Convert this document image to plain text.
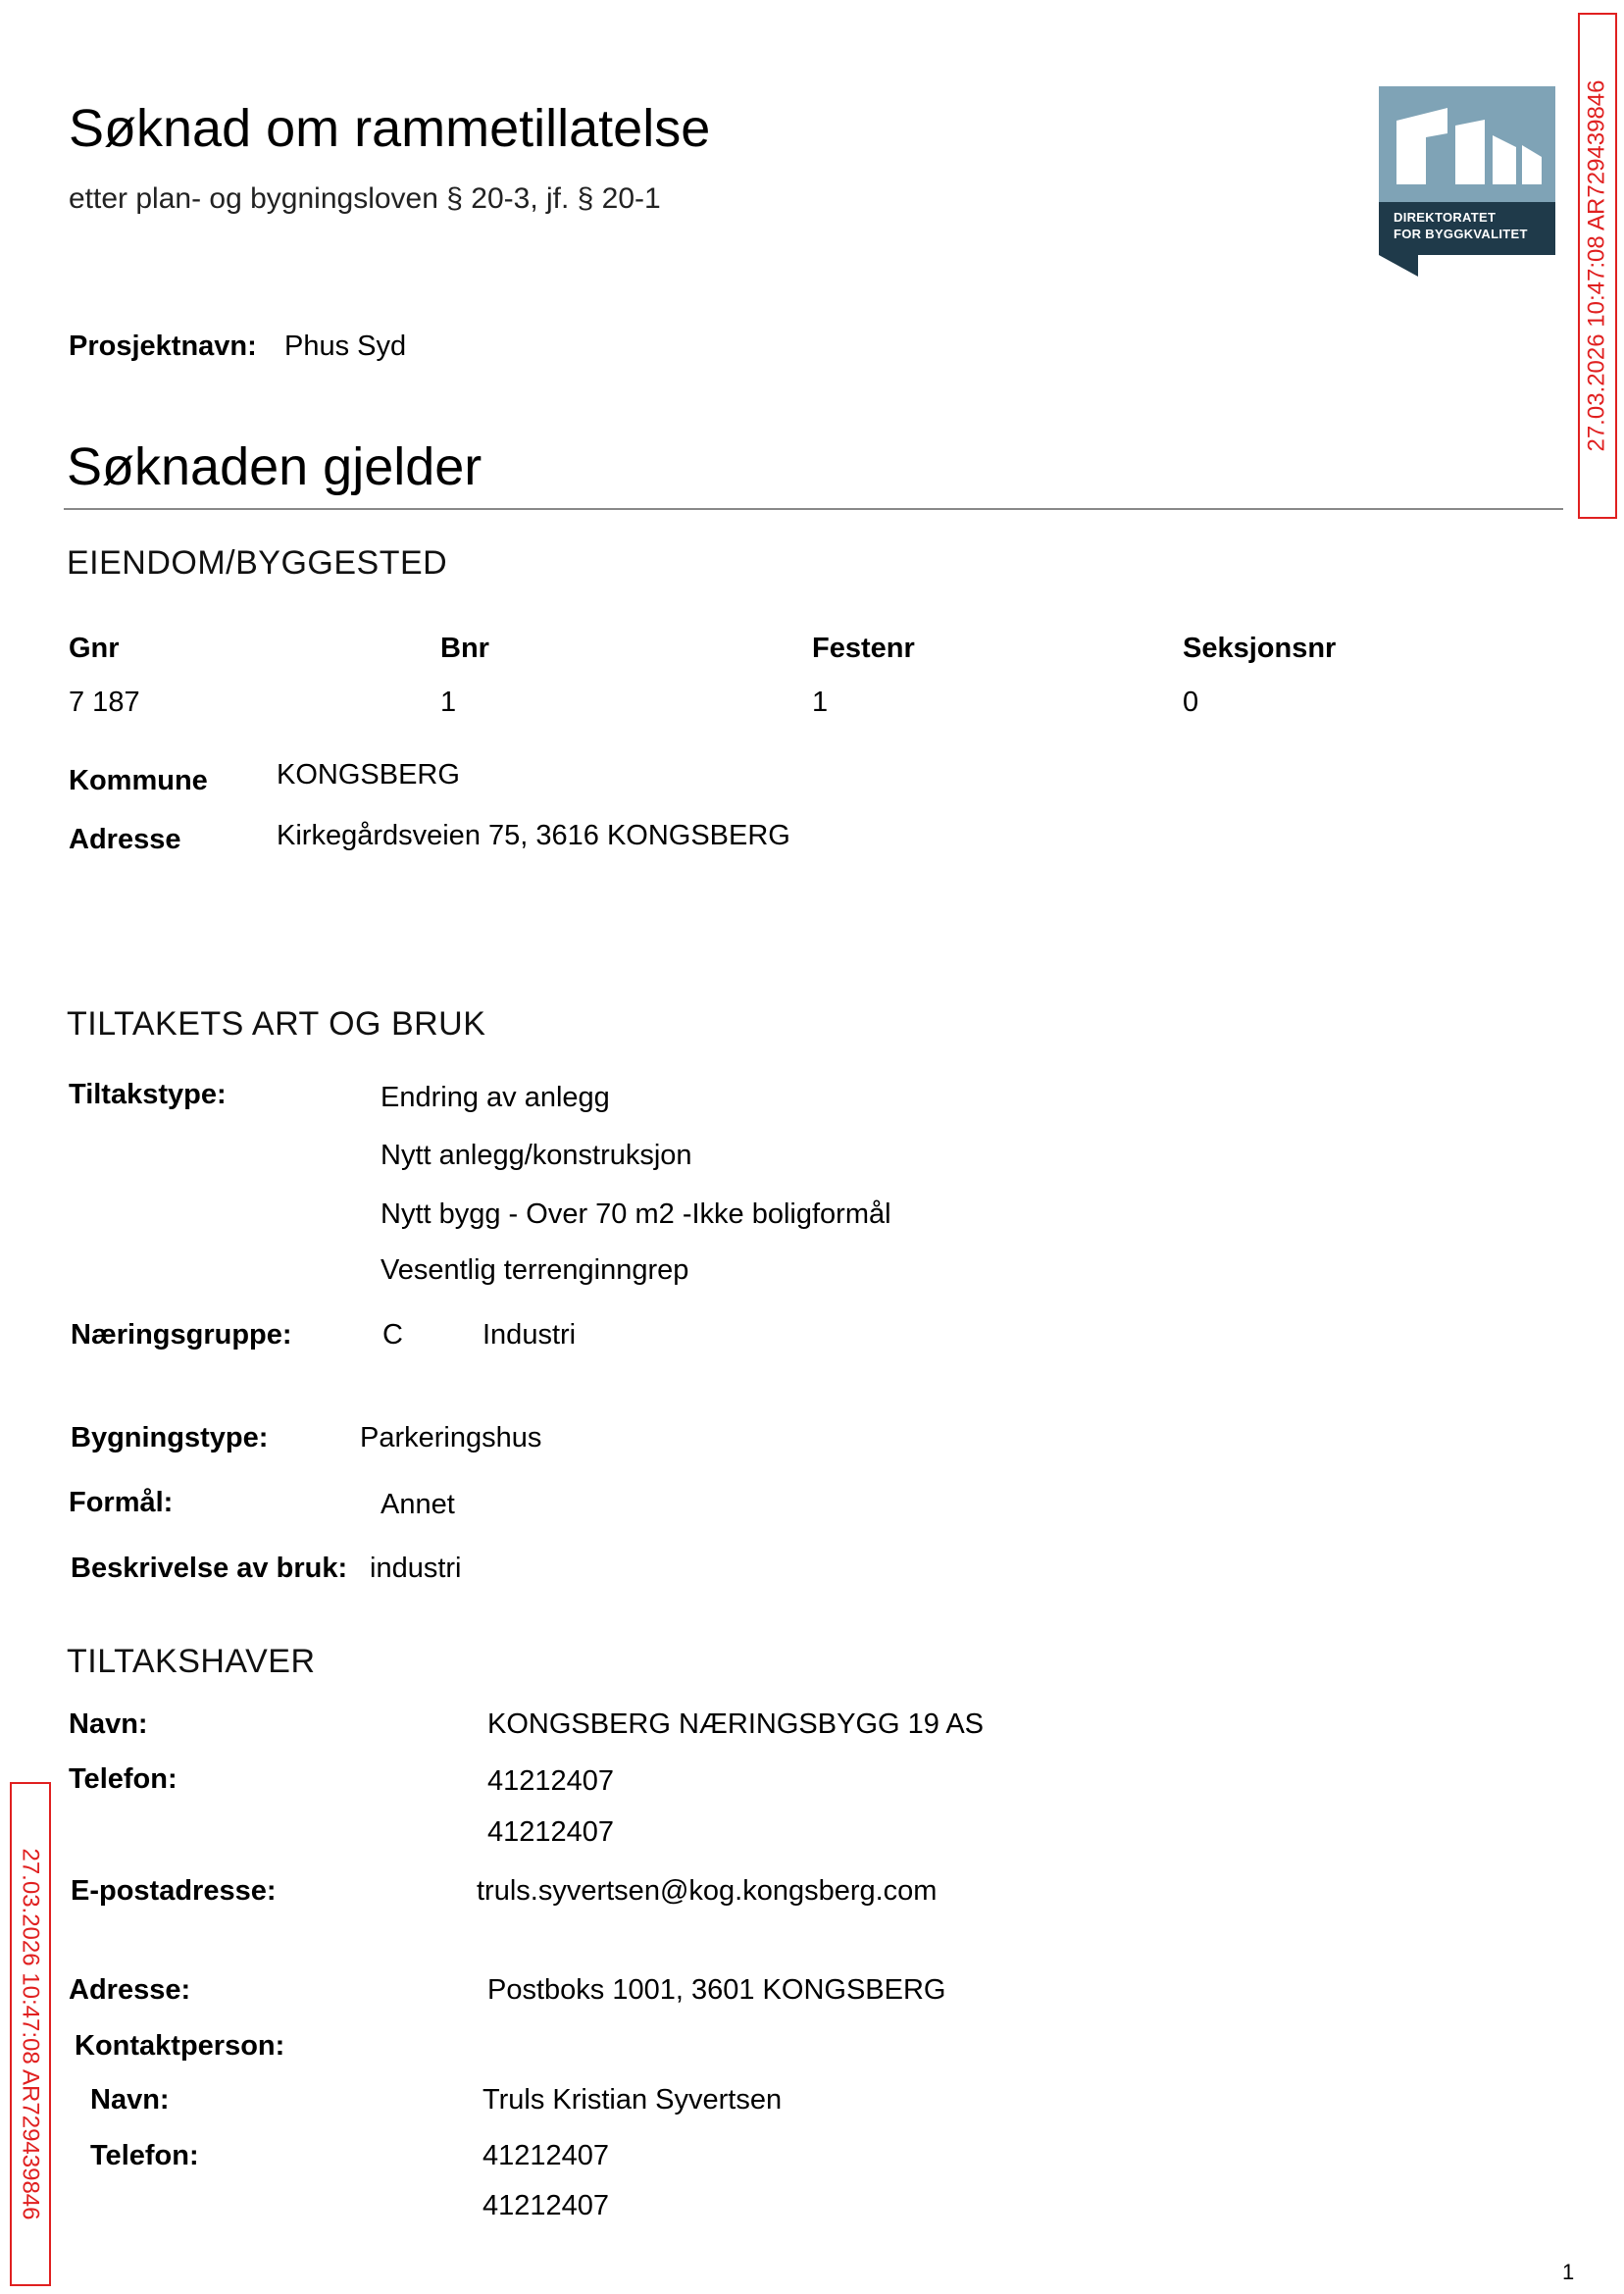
Søknad om rammetillatelse
etter plan- og bygningsloven § 20-3, jf. § 20-1
Prosjektnavn: Phus Syd
DIREKTORATET
FOR BYGGKVALITET 27.03.2026 10:47:08 AR729439846
27.03.2026 10:47:08 AR729439846
Søknaden gjelder
EIENDOM/BYGGESTED
Gnr	Bnr	Festenr	Seksjonsnr
7 187	1	1	0
Kommune KONGSBERG
Adresse	Kirkegårdsveien 75, 3616 KONGSBERG
TILTAKETS ART OG BRUK
Tiltakstype:	Endring av anlegg
Nytt anlegg/konstruksjon
Nytt bygg - Over 70 m2 -Ikke boligformål
Vesentlig terrenginngrep
Næringsgruppe:	C	Industri
Bygningstype:	Parkeringshus
Formål:	Annet
Beskrivelse av bruk: industri
TILTAKSHAVER
Navn:	KONGSBERG NÆRINGSBYGG 19 AS
Telefon:	41212407
41212407
E-postadresse:	truls.syvertsen@kog.kongsberg.com
Adresse:	Postboks 1001, 3601 KONGSBERG
Kontaktperson:
Navn:	Truls Kristian Syvertsen
Telefon:	41212407
41212407
1
